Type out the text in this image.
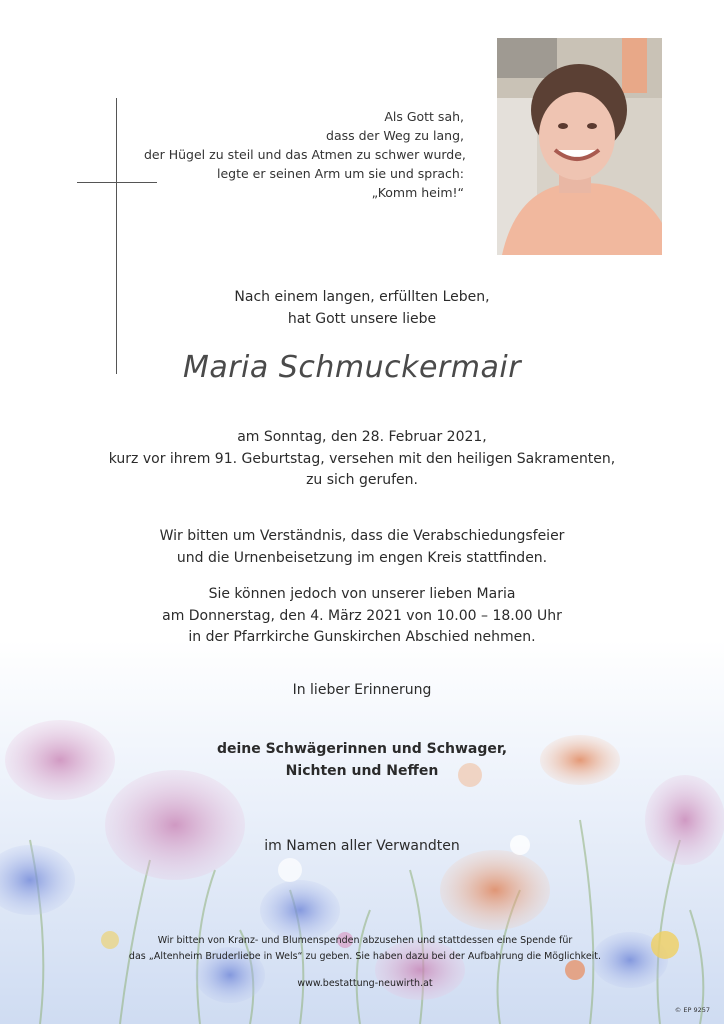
Als Gott sah,
dass der Weg zu lang,
der Hügel zu steil und das Atmen zu schwer wurde,
legte er seinen Arm um sie und sprach:
„Komm heim!“
Nach einem langen, erfüllten Leben,
hat Gott unsere liebe
Maria Schmuckermair
am Sonntag, den 28. Februar 2021,
kurz vor ihrem 91. Geburtstag, versehen mit den heiligen Sakramenten,
zu sich gerufen.
Wir bitten um Verständnis, dass die Verabschiedungsfeier
und die Urnenbeisetzung im engen Kreis stattfinden.
Sie können jedoch von unserer lieben Maria
am Donnerstag, den 4. März 2021 von 10.00 – 18.00 Uhr
in der Pfarrkirche Gunskirchen Abschied nehmen.
In lieber Erinnerung
deine Schwägerinnen und Schwager,
Nichten und Neffen
im Namen aller Verwandten
Wir bitten von Kranz- und Blumenspenden abzusehen und stattdessen eine Spende für
das „Altenheim Bruderliebe in Wels“ zu geben. Sie haben dazu bei der Aufbahrung die Möglichkeit.
www.bestattung-neuwirth.at
© EP 9257
